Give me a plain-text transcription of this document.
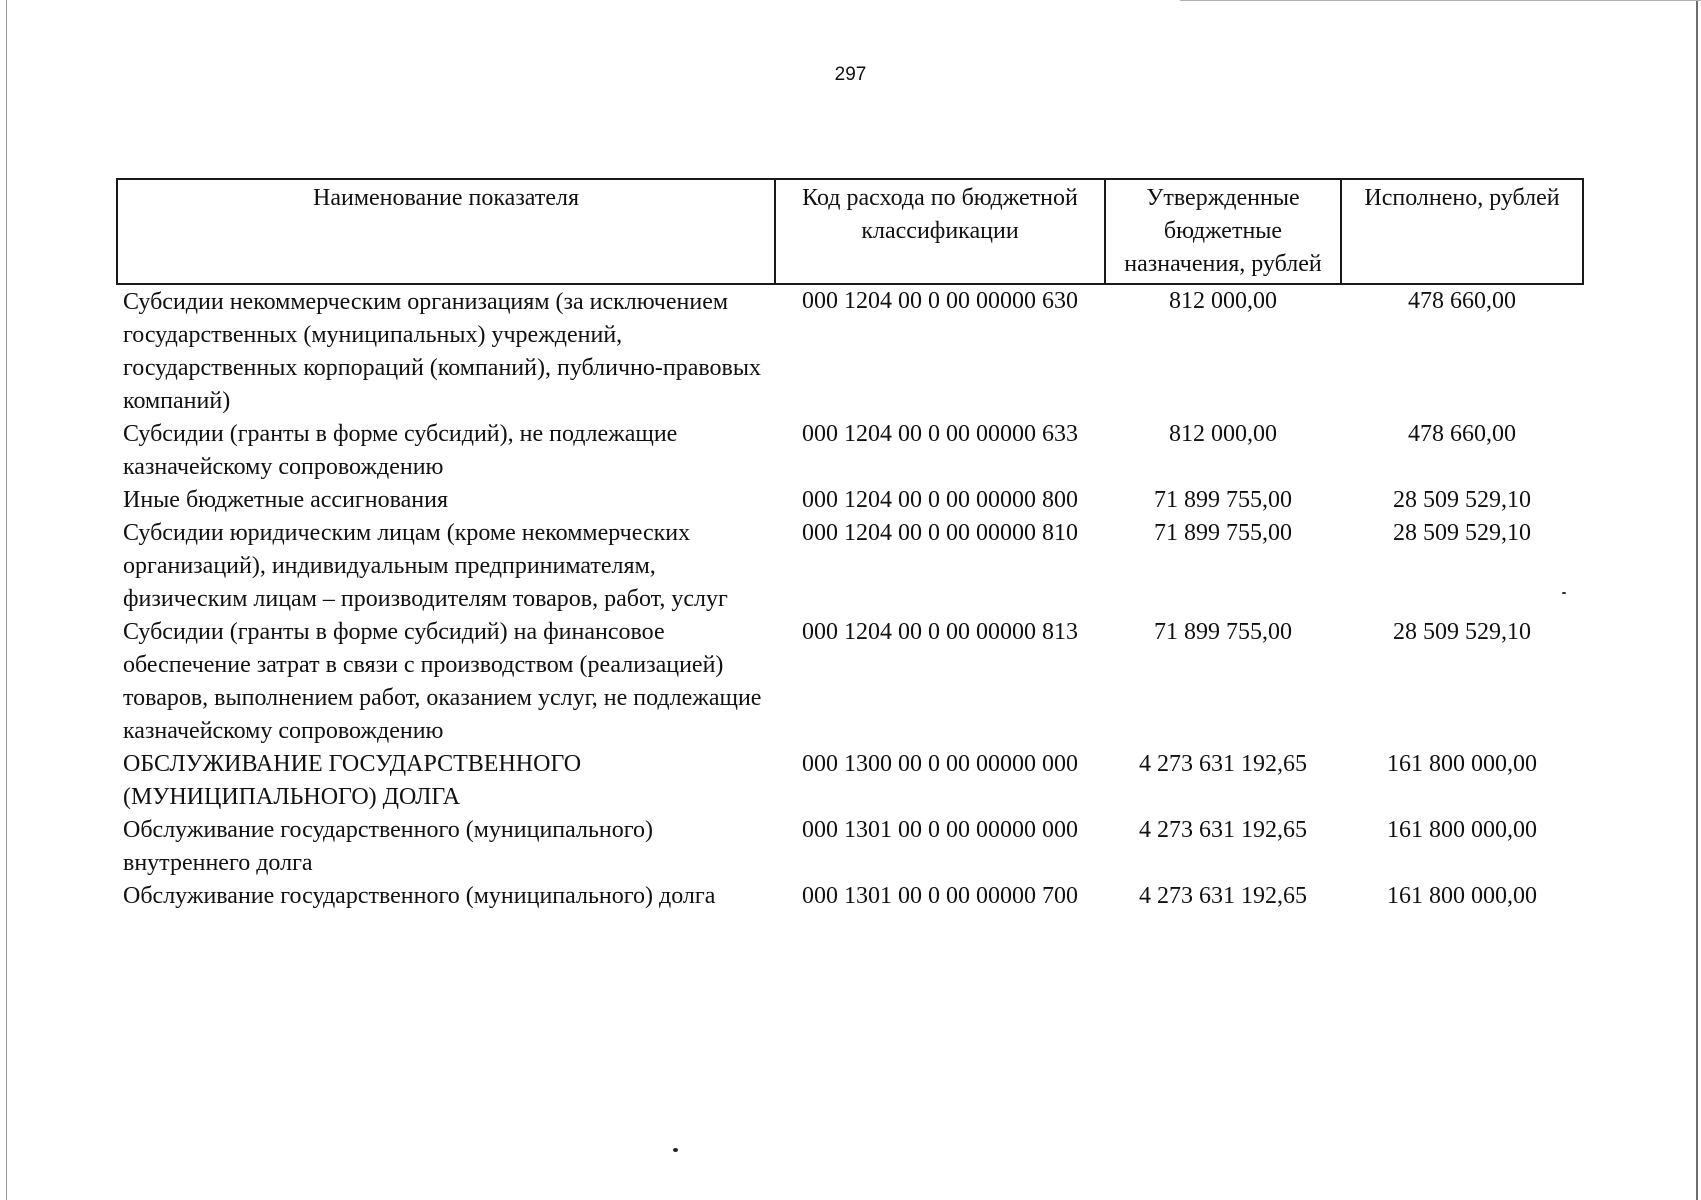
297
Наименование показателя	Код расхода по бюджетной классификации	Утвержденные бюджетные назначения, рублей	Исполнено, рублей
Субсидии некоммерческим организациям (за исключением государственных (муниципальных) учреждений, государственных корпораций (компаний), публично-правовых компаний)	000 1204 00 0 00 00000 630	812 000,00	478 660,00
Субсидии (гранты в форме субсидий), не подлежащие казначейскому сопровождению	000 1204 00 0 00 00000 633	812 000,00	478 660,00
Иные бюджетные ассигнования	000 1204 00 0 00 00000 800	71 899 755,00	28 509 529,10
Субсидии юридическим лицам (кроме некоммерческих организаций), индивидуальным предпринимателям, физическим лицам – производителям товаров, работ, услуг	000 1204 00 0 00 00000 810	71 899 755,00	28 509 529,10
Субсидии (гранты в форме субсидий) на финансовое обеспечение затрат в связи с производством (реализацией) товаров, выполнением работ, оказанием услуг, не подлежащие казначейскому сопровождению	000 1204 00 0 00 00000 813	71 899 755,00	28 509 529,10
ОБСЛУЖИВАНИЕ ГОСУДАРСТВЕННОГО (МУНИЦИПАЛЬНОГО) ДОЛГА	000 1300 00 0 00 00000 000	4 273 631 192,65	161 800 000,00
Обслуживание государственного (муниципального) внутреннего долга	000 1301 00 0 00 00000 000	4 273 631 192,65	161 800 000,00
Обслуживание государственного (муниципального) долга	000 1301 00 0 00 00000 700	4 273 631 192,65	161 800 000,00
